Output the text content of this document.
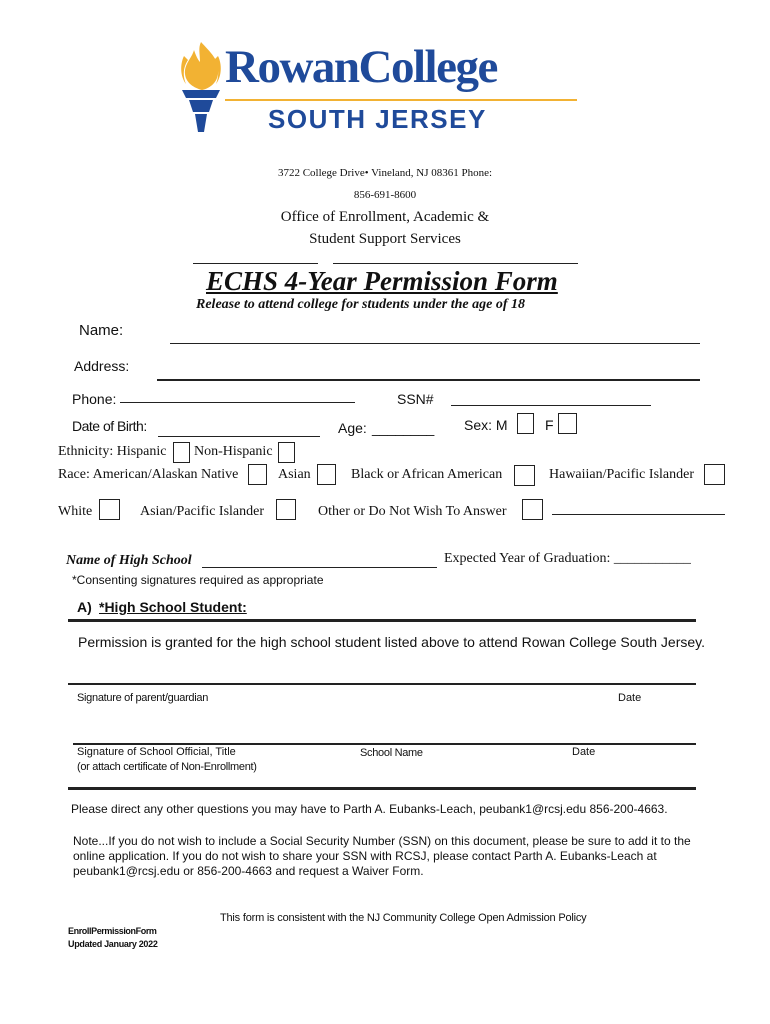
RowanCollege
SOUTH JERSEY
3722 College Drive• Vineland, NJ 08361 Phone:
856-691-8600
Office of Enrollment, Academic &
Student Support Services
ECHS 4-Year Permission Form
Release to attend college for students under the age of 18
Name:
Address:
Phone:	SSN#
Date of Birth:	Age: ________ Sex: M	F
Ethnicity: Hispanic Non-Hispanic
Race: American/Alaskan Native	Asian	Black or African American	Hawaiian/Pacific Islander
White	Asian/Pacific Islander	Other or Do Not Wish To Answer
Name of High School	Expected Year of Graduation: ___________
*Consenting signatures required as appropriate
A) *High School Student:
Permission is granted for the high school student listed above to attend Rowan College South Jersey.
Signature of parent/guardian	Date
Signature of School Official, Title
(or attach certificate of Non-Enrollment)
School Name	Date
Please direct any other questions you may have to Parth A. Eubanks-Leach, peubank1@rcsj.edu 856-200-4663.
Note...If you do not wish to include a Social Security Number (SSN) on this document, please be sure to add it to the
online application. If you do not wish to share your SSN with RCSJ, please contact Parth A. Eubanks-Leach at
peubank1@rcsj.edu or 856-200-4663 and request a Waiver Form.
This form is consistent with the NJ Community College Open Admission Policy
EnrollPermissionForm
Updated January 2022
